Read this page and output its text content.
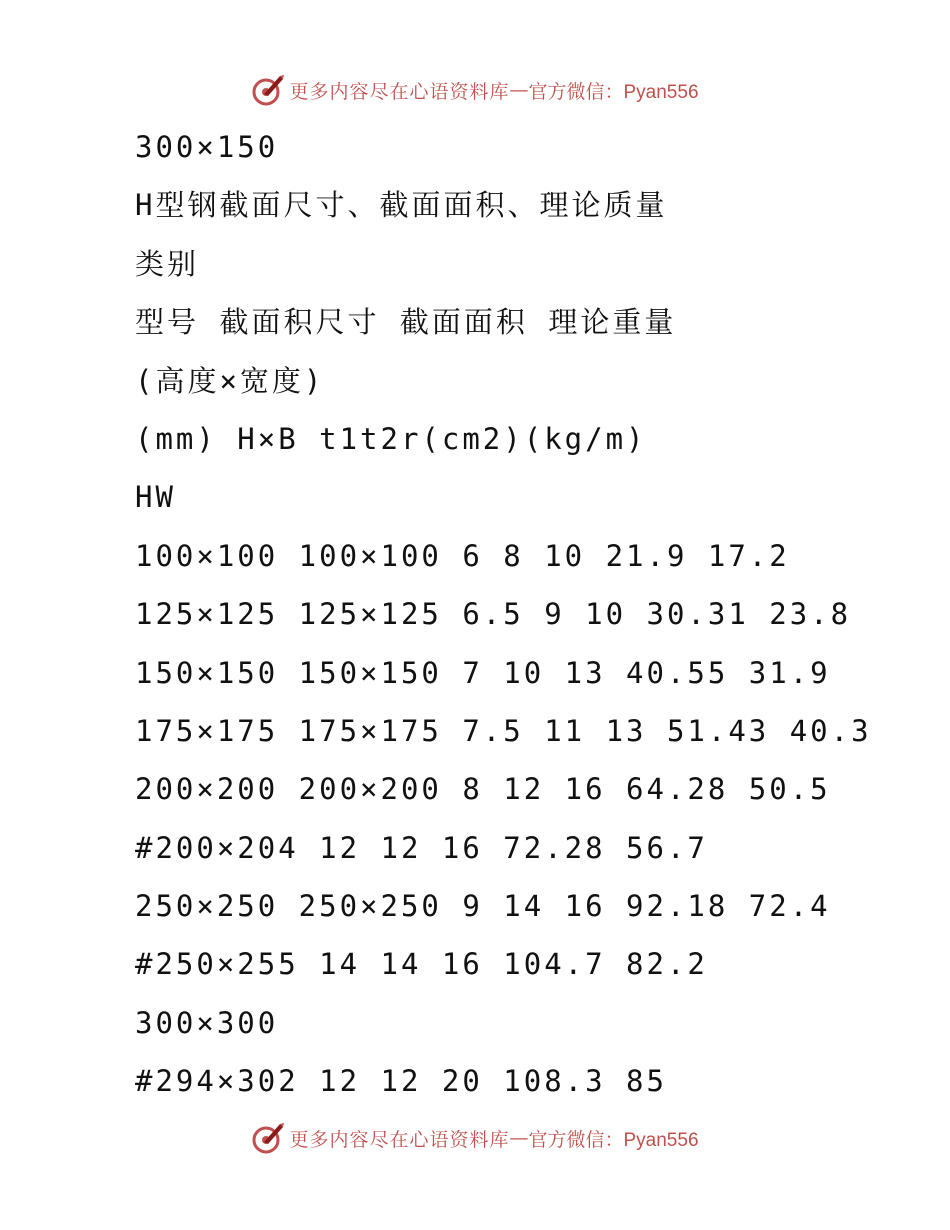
更多内容尽在心语资料库 — 官方微信：Pyan556
300×150
H型钢截面尺寸、截面面积、理论质量
类别
型号 截面积尺寸 截面面积 理论重量
(高度×宽度)
(mm) H×B t1t2r(cm2)(kg/m)
HW
100×100 100×100 6 8 10 21.9 17.2
125×125 125×125 6.5 9 10 30.31 23.8
150×150 150×150 7 10 13 40.55 31.9
175×175 175×175 7.5 11 13 51.43 40.3
200×200 200×200 8 12 16 64.28 50.5
#200×204 12 12 16 72.28 56.7
250×250 250×250 9 14 16 92.18 72.4
#250×255 14 14 16 104.7 82.2
300×300
#294×302 12 12 20 108.3 85
更多内容尽在心语资料库 — 官方微信：Pyan556
